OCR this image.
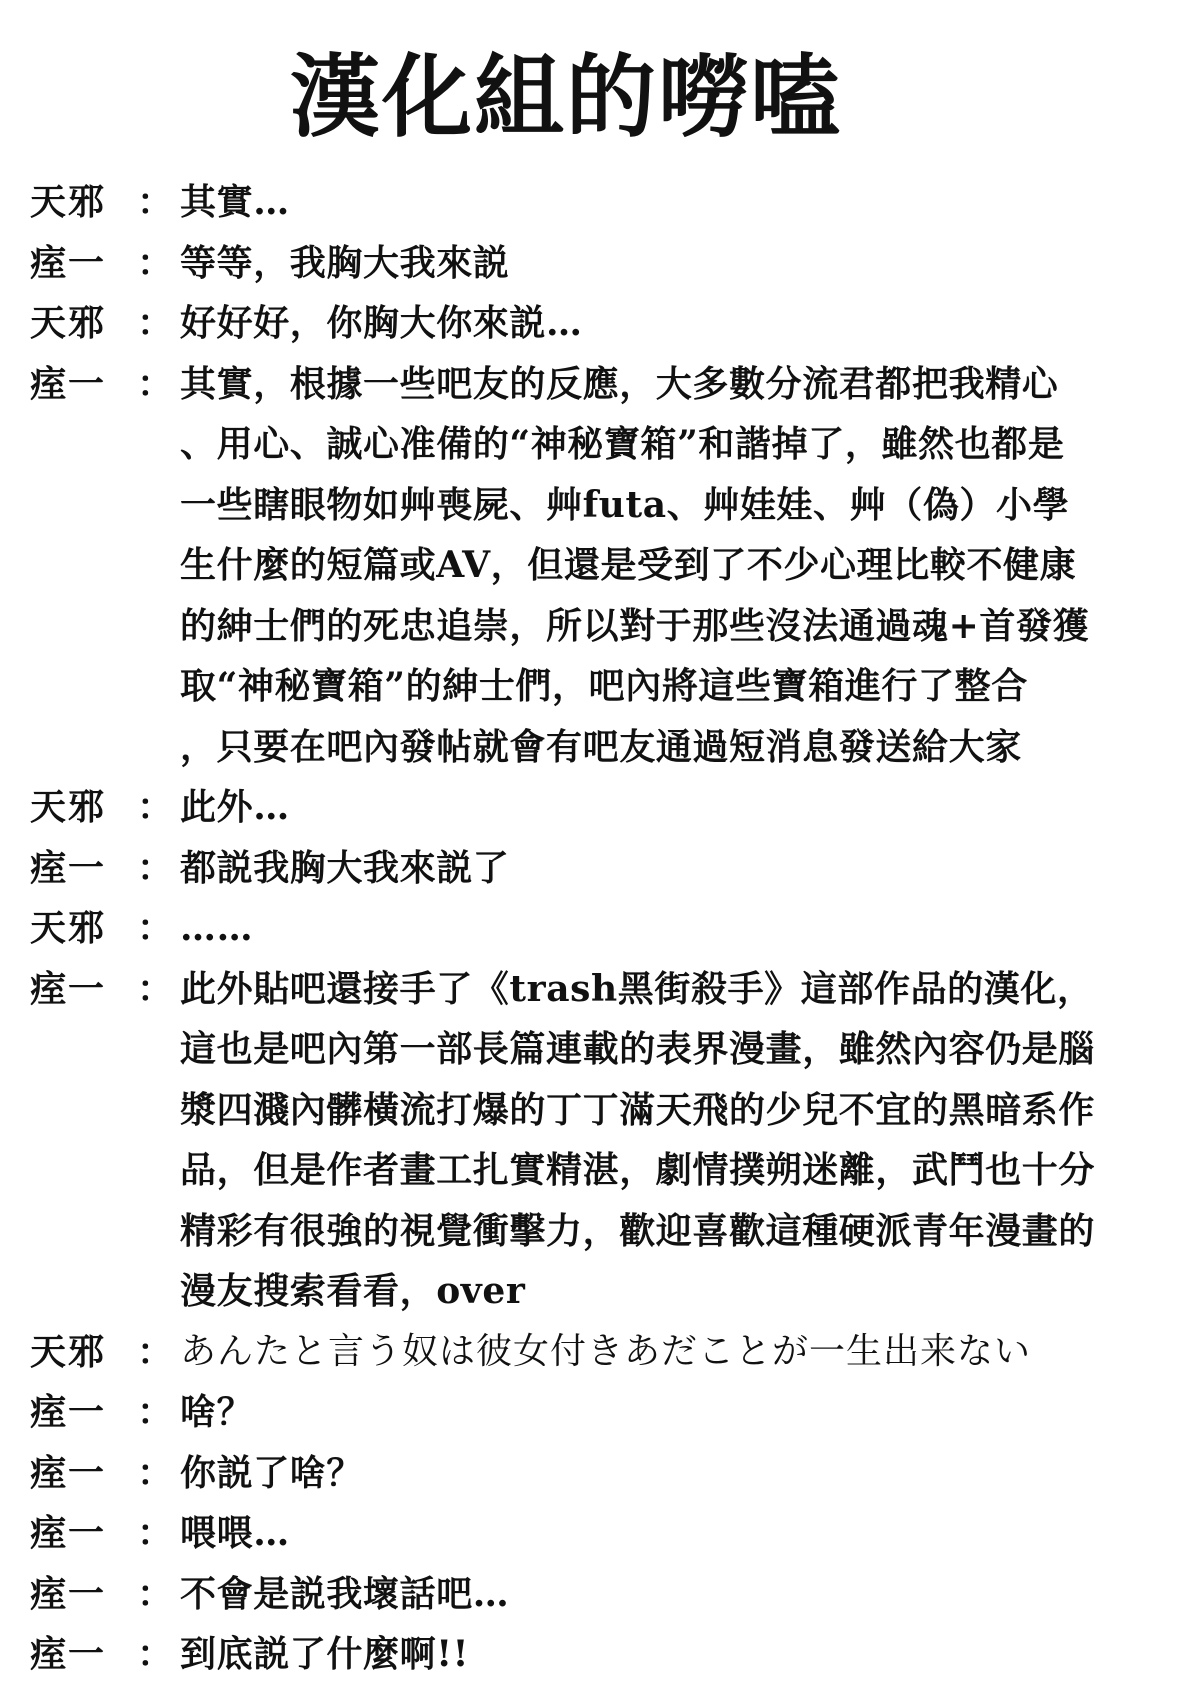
漢化組的嘮嗑
天邪 ： 其實…
痓一 ： 等等，我胸大我來説
天邪 ： 好好好，你胸大你來説…
痓一 ： 其實，根據一些吧友的反應，大多數分流君都把我精心
、用心、誠心准備的“神秘寶箱”和諧掉了，雖然也都是
一些瞎眼物如艸喪屍、艸futa、艸娃娃、艸（偽）小學
生什麼的短篇或AV，但還是受到了不少心理比較不健康
的紳士們的死忠追崇，所以對于那些沒法通過魂+首發獲
取“神秘寶箱”的紳士們，吧內將這些寶箱進行了整合
，只要在吧內發帖就會有吧友通過短消息發送給大家
天邪 ： 此外…
痓一 ： 都説我胸大我來説了
天邪 ： ……
痓一 ： 此外貼吧還接手了《trash黑街殺手》這部作品的漢化，
這也是吧內第一部長篇連載的表界漫畫，雖然內容仍是腦
漿四濺內髒橫流打爆的丁丁滿天飛的少兒不宜的黑暗系作
品，但是作者畫工扎實精湛，劇情撲朔迷離，武鬥也十分
精彩有很強的視覺衝擊力，歡迎喜歡這種硬派青年漫畫的
漫友搜索看看，over
天邪 ： あんたと言う奴は彼女付きあだことが一生出来ない
痓一 ： 啥？
痓一 ： 你説了啥？
痓一 ： 喂喂…
痓一 ： 不會是説我壞話吧…
痓一 ： 到底説了什麼啊!!
